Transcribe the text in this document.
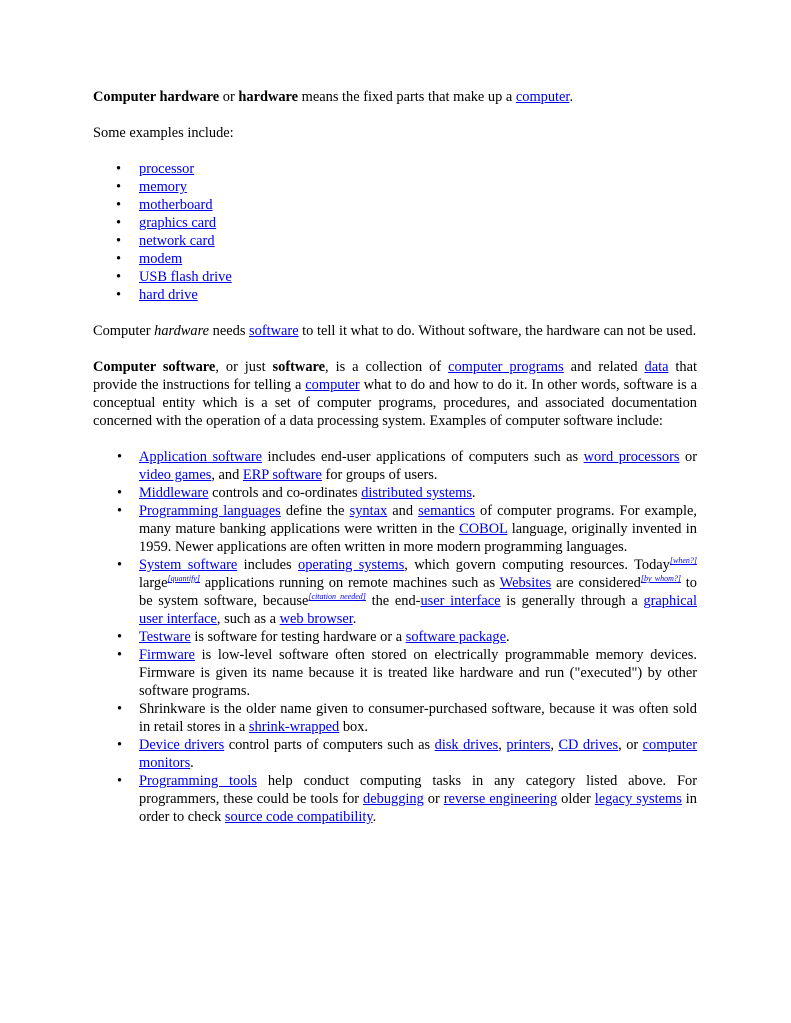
Computer hardware or hardware means the fixed parts that make up a computer.

Some examples include:

• processor
• memory
• motherboard
• graphics card
• network card
• modem
• USB flash drive
• hard drive

Computer hardware needs software to tell it what to do. Without software, the hardware can not be used.

Computer software, or just software, is a collection of computer programs and related data that provide the instructions for telling a computer what to do and how to do it. In other words, software is a conceptual entity which is a set of computer programs, procedures, and associated documentation concerned with the operation of a data processing system. Examples of computer software include:

• Application software includes end-user applications of computers such as word processors or video games, and ERP software for groups of users.
• Middleware controls and co-ordinates distributed systems.
• Programming languages define the syntax and semantics of computer programs. For example, many mature banking applications were written in the COBOL language, originally invented in 1959. Newer applications are often written in more modern programming languages.
• System software includes operating systems, which govern computing resources. Today[when?] large[quantify] applications running on remote machines such as Websites are considered[by whom?] to be system software, because[citation needed] the end-user interface is generally through a graphical user interface, such as a web browser.
• Testware is software for testing hardware or a software package.
• Firmware is low-level software often stored on electrically programmable memory devices. Firmware is given its name because it is treated like hardware and run ("executed") by other software programs.
• Shrinkware is the older name given to consumer-purchased software, because it was often sold in retail stores in a shrink-wrapped box.
• Device drivers control parts of computers such as disk drives, printers, CD drives, or computer monitors.
• Programming tools help conduct computing tasks in any category listed above. For programmers, these could be tools for debugging or reverse engineering older legacy systems in order to check source code compatibility.
